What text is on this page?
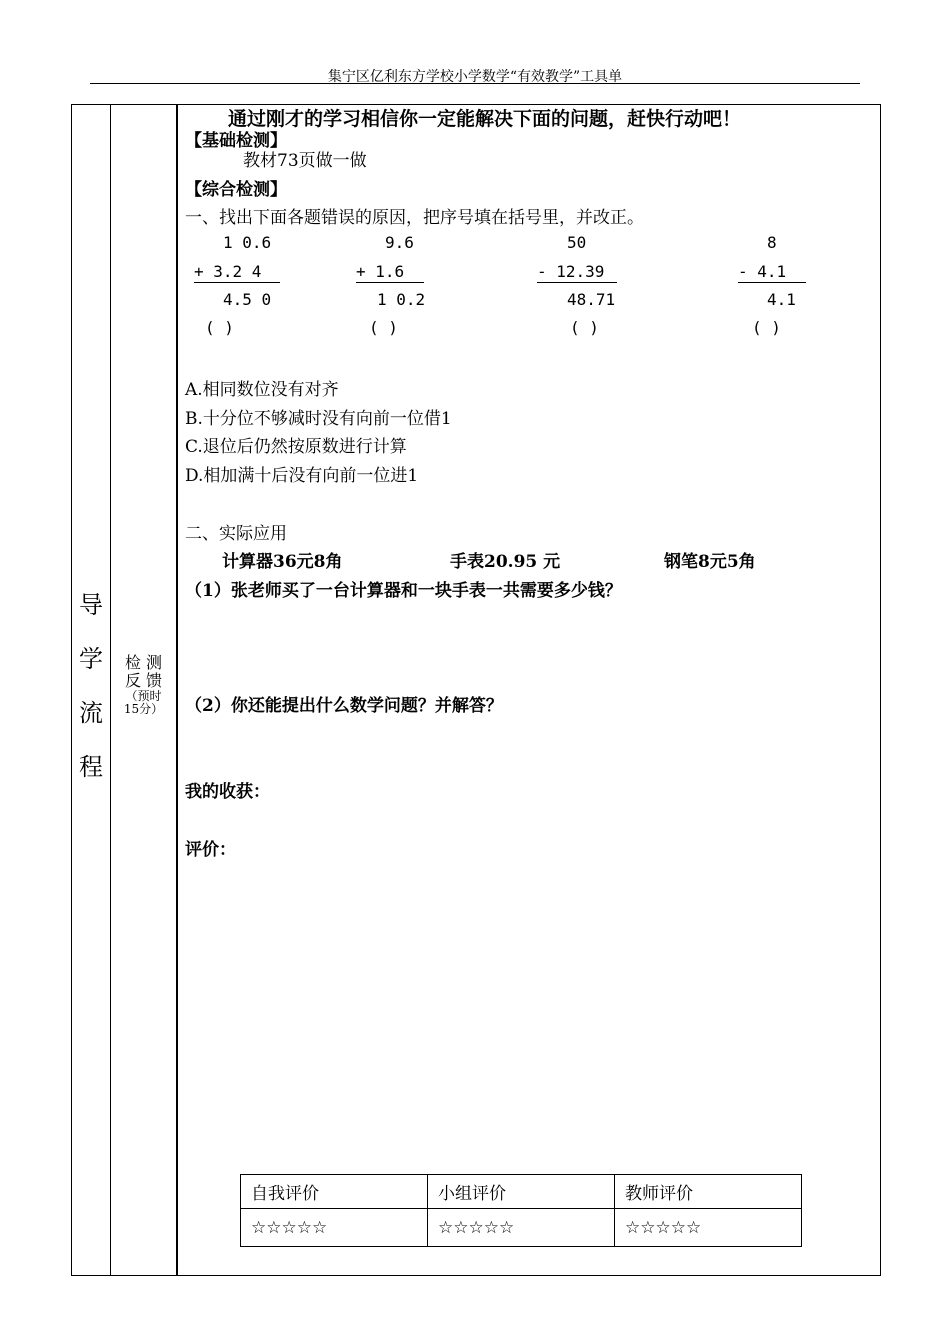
集宁区亿利东方学校小学数学“有效教学”工具单
导
学
流
程
检 测
反 馈
（预时
15分）
通过刚才的学习相信你一定能解决下面的问题，赶快行动吧！
【基础检测】
教材73页做一做
【综合检测】
一、找出下面各题错误的原因，把序号填在括号里，并改正。
1 0.6
+ 3.2 4
4.5 0
( )
9.6
+ 1.6
1 0.2
( )
50
- 12.39
48.71
( )
8
- 4.1
4.1
( )
A.相同数位没有对齐
B.十分位不够减时没有向前一位借1
C.退位后仍然按原数进行计算
D.相加满十后没有向前一位进1
二、实际应用
计算器36元8角	手表20.95 元	钢笔8元5角
（1）张老师买了一台计算器和一块手表一共需要多少钱？
（2）你还能提出什么数学问题？并解答？
我的收获：
评价：
自我评价	小组评价	教师评价
☆☆☆☆☆	☆☆☆☆☆	☆☆☆☆☆
